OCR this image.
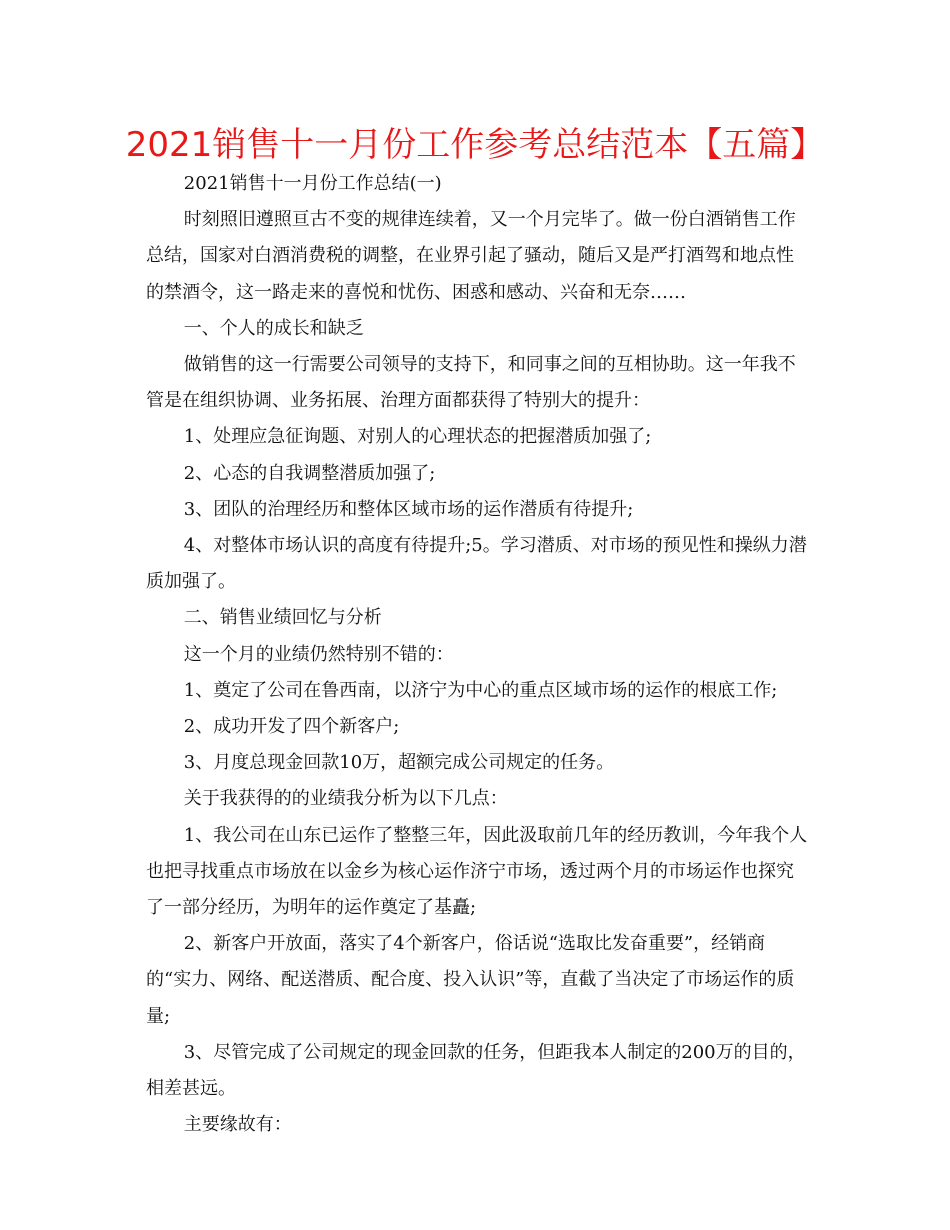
2021销售十一月份工作参考总结范本【五篇】

2021销售十一月份工作总结(一)

时刻照旧遵照亘古不变的规律连续着，又一个月完毕了。做一份白酒销售工作总结，国家对白酒消费税的调整，在业界引起了骚动，随后又是严打酒驾和地点性的禁酒令，这一路走来的喜悦和忧伤、困惑和感动、兴奋和无奈……

一、个人的成长和缺乏

做销售的这一行需要公司领导的支持下，和同事之间的互相协助。这一年我不管是在组织协调、业务拓展、治理方面都获得了特别大的提升：

1、处理应急征询题、对别人的心理状态的把握潜质加强了;

2、心态的自我调整潜质加强了;

3、团队的治理经历和整体区域市场的运作潜质有待提升;

4、对整体市场认识的高度有待提升;5。学习潜质、对市场的预见性和操纵力潜质加强了。

二、销售业绩回忆与分析

这一个月的业绩仍然特别不错的：

1、奠定了公司在鲁西南，以济宁为中心的重点区域市场的运作的根底工作;

2、成功开发了四个新客户;

3、月度总现金回款10万，超额完成公司规定的任务。

关于我获得的的业绩我分析为以下几点：

1、我公司在山东已运作了整整三年，因此汲取前几年的经历教训，今年我个人也把寻找重点市场放在以金乡为核心运作济宁市场，透过两个月的市场运作也探究了一部分经历，为明年的运作奠定了基矗;

2、新客户开放面，落实了4个新客户，俗话说“选取比发奋重要”，经销商的“实力、网络、配送潜质、配合度、投入认识”等，直截了当决定了市场运作的质量;

3、尽管完成了公司规定的现金回款的任务，但距我本人制定的200万的目的，相差甚远。

主要缘故有：
